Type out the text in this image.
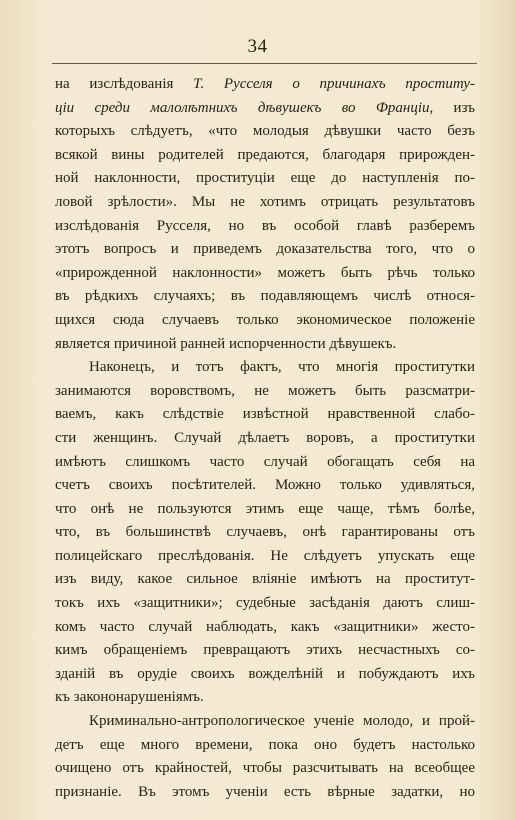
34
на изслѣдованія Т. Русселя о причинахъ проститу-
ціи среди малолѣтнихъ дѣвушекъ во Франціи, изъ
которыхъ слѣдуетъ, «что молодыя дѣвушки часто безъ
всякой вины родителей предаются, благодаря прирожден-
ной наклонности, проституціи еще до наступленія по-
ловой зрѣлости». Мы не хотимъ отрицать результатовъ
изслѣдованія Русселя, но въ особой главѣ разберемъ
этотъ вопросъ и приведемъ доказательства того, что о
«прирожденной наклонности» можетъ быть рѣчь только
въ рѣдкихъ случаяхъ; въ подавляющемъ числѣ относя-
щихся сюда случаевъ только экономическое положеніе
является причиной ранней испорченности дѣвушекъ.
Наконецъ, и тотъ фактъ, что многія проститутки
занимаются воровствомъ, не можетъ быть разсматри-
ваемъ, какъ слѣдствіе извѣстной нравственной слабо-
сти женщинъ. Случай дѣлаетъ воровъ, а проститутки
имѣютъ слишкомъ часто случай обогащать себя на
счетъ своихъ посѣтителей. Можно только удивляться,
что онѣ не пользуются этимъ еще чаще, тѣмъ болѣе,
что, въ большинствѣ случаевъ, онѣ гарантированы отъ
полицейскаго преслѣдованія. Не слѣдуетъ упускать еще
изъ виду, какое сильное вліяніе имѣютъ на проститут-
токъ ихъ «защитники»; судебные засѣданія даютъ слиш-
комъ часто случай наблюдать, какъ «защитники» жесто-
кимъ обращеніемъ превращаютъ этихъ несчастныхъ со-
зданій въ орудіе своихъ вожделѣній и побуждаютъ ихъ
къ закононарушеніямъ.
Криминально-антропологическое ученіе молодо, и прой-
детъ еще много времени, пока оно будетъ настолько
очищено отъ крайностей, чтобы разсчитывать на всеобщее
признаніе. Въ этомъ ученіи есть вѣрные задатки, но
